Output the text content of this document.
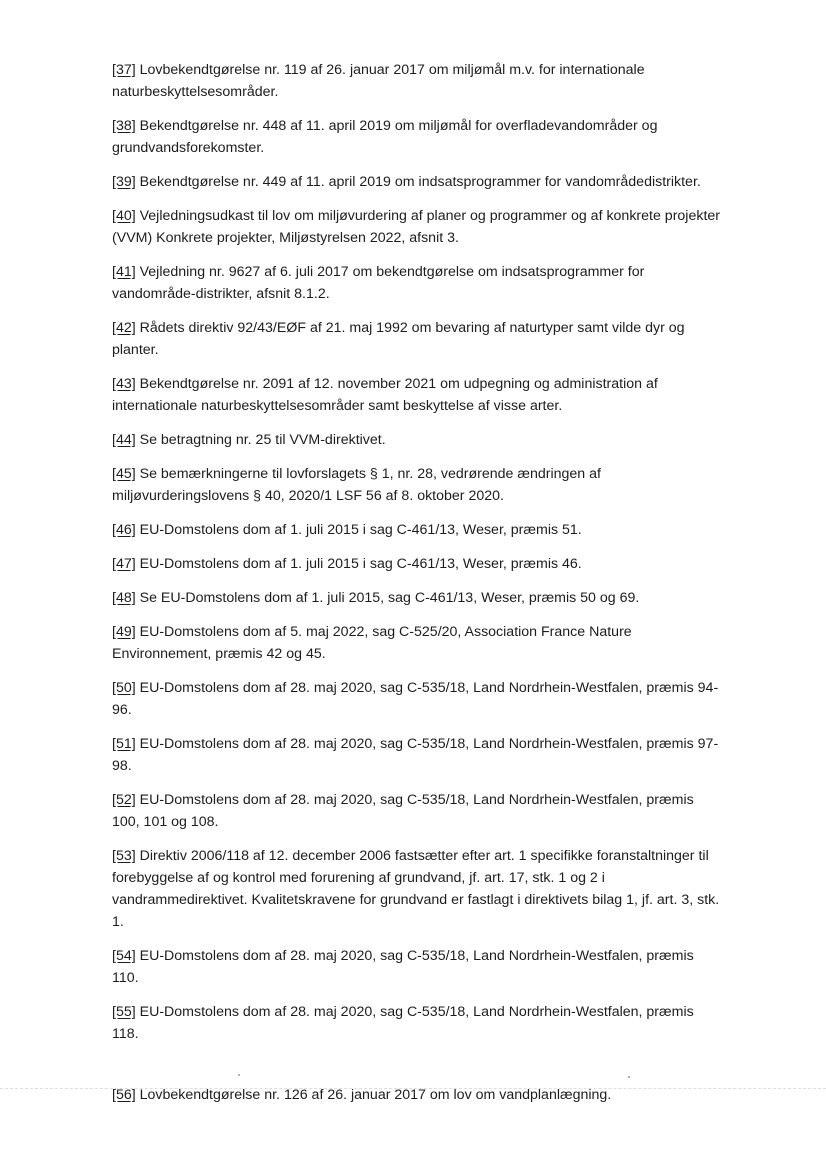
[37] Lovbekendtgørelse nr. 119 af 26. januar 2017 om miljømål m.v. for internationale naturbeskyttelsesområder.

[38] Bekendtgørelse nr. 448 af 11. april 2019 om miljømål for overfladevandområder og grundvandsforekomster.

[39] Bekendtgørelse nr. 449 af 11. april 2019 om indsatsprogrammer for vandområdedistrikter.

[40] Vejledningsudkast til lov om miljøvurdering af planer og programmer og af konkrete projekter (VVM) Konkrete projekter, Miljøstyrelsen 2022, afsnit 3.

[41] Vejledning nr. 9627 af 6. juli 2017 om bekendtgørelse om indsatsprogrammer for vandområde-distrikter, afsnit 8.1.2.

[42] Rådets direktiv 92/43/EØF af 21. maj 1992 om bevaring af naturtyper samt vilde dyr og planter.

[43] Bekendtgørelse nr. 2091 af 12. november 2021 om udpegning og administration af internationale naturbeskyttelsesområder samt beskyttelse af visse arter.

[44] Se betragtning nr. 25 til VVM-direktivet.

[45] Se bemærkningerne til lovforslagets § 1, nr. 28, vedrørende ændringen af miljøvurderingslovens § 40, 2020/1 LSF 56 af 8. oktober 2020.

[46] EU-Domstolens dom af 1. juli 2015 i sag C-461/13, Weser, præmis 51.

[47] EU-Domstolens dom af 1. juli 2015 i sag C-461/13, Weser, præmis 46.

[48] Se EU-Domstolens dom af 1. juli 2015, sag C-461/13, Weser, præmis 50 og 69.

[49] EU-Domstolens dom af 5. maj 2022, sag C-525/20, Association France Nature Environnement, præmis 42 og 45.

[50] EU-Domstolens dom af 28. maj 2020, sag C-535/18, Land Nordrhein-Westfalen, præmis 94-96.

[51] EU-Domstolens dom af 28. maj 2020, sag C-535/18, Land Nordrhein-Westfalen, præmis 97-98.

[52] EU-Domstolens dom af 28. maj 2020, sag C-535/18, Land Nordrhein-Westfalen, præmis 100, 101 og 108.

[53] Direktiv 2006/118 af 12. december 2006 fastsætter efter art. 1 specifikke foranstaltninger til forebyggelse af og kontrol med forurening af grundvand, jf. art. 17, stk. 1 og 2 i vandrammedirektivet. Kvalitetskravene for grundvand er fastlagt i direktivets bilag 1, jf. art. 3, stk. 1.

[54] EU-Domstolens dom af 28. maj 2020, sag C-535/18, Land Nordrhein-Westfalen, præmis 110.

[55] EU-Domstolens dom af 28. maj 2020, sag C-535/18, Land Nordrhein-Westfalen, præmis 118.

[56] Lovbekendtgørelse nr. 126 af 26. januar 2017 om lov om vandplanlægning.
